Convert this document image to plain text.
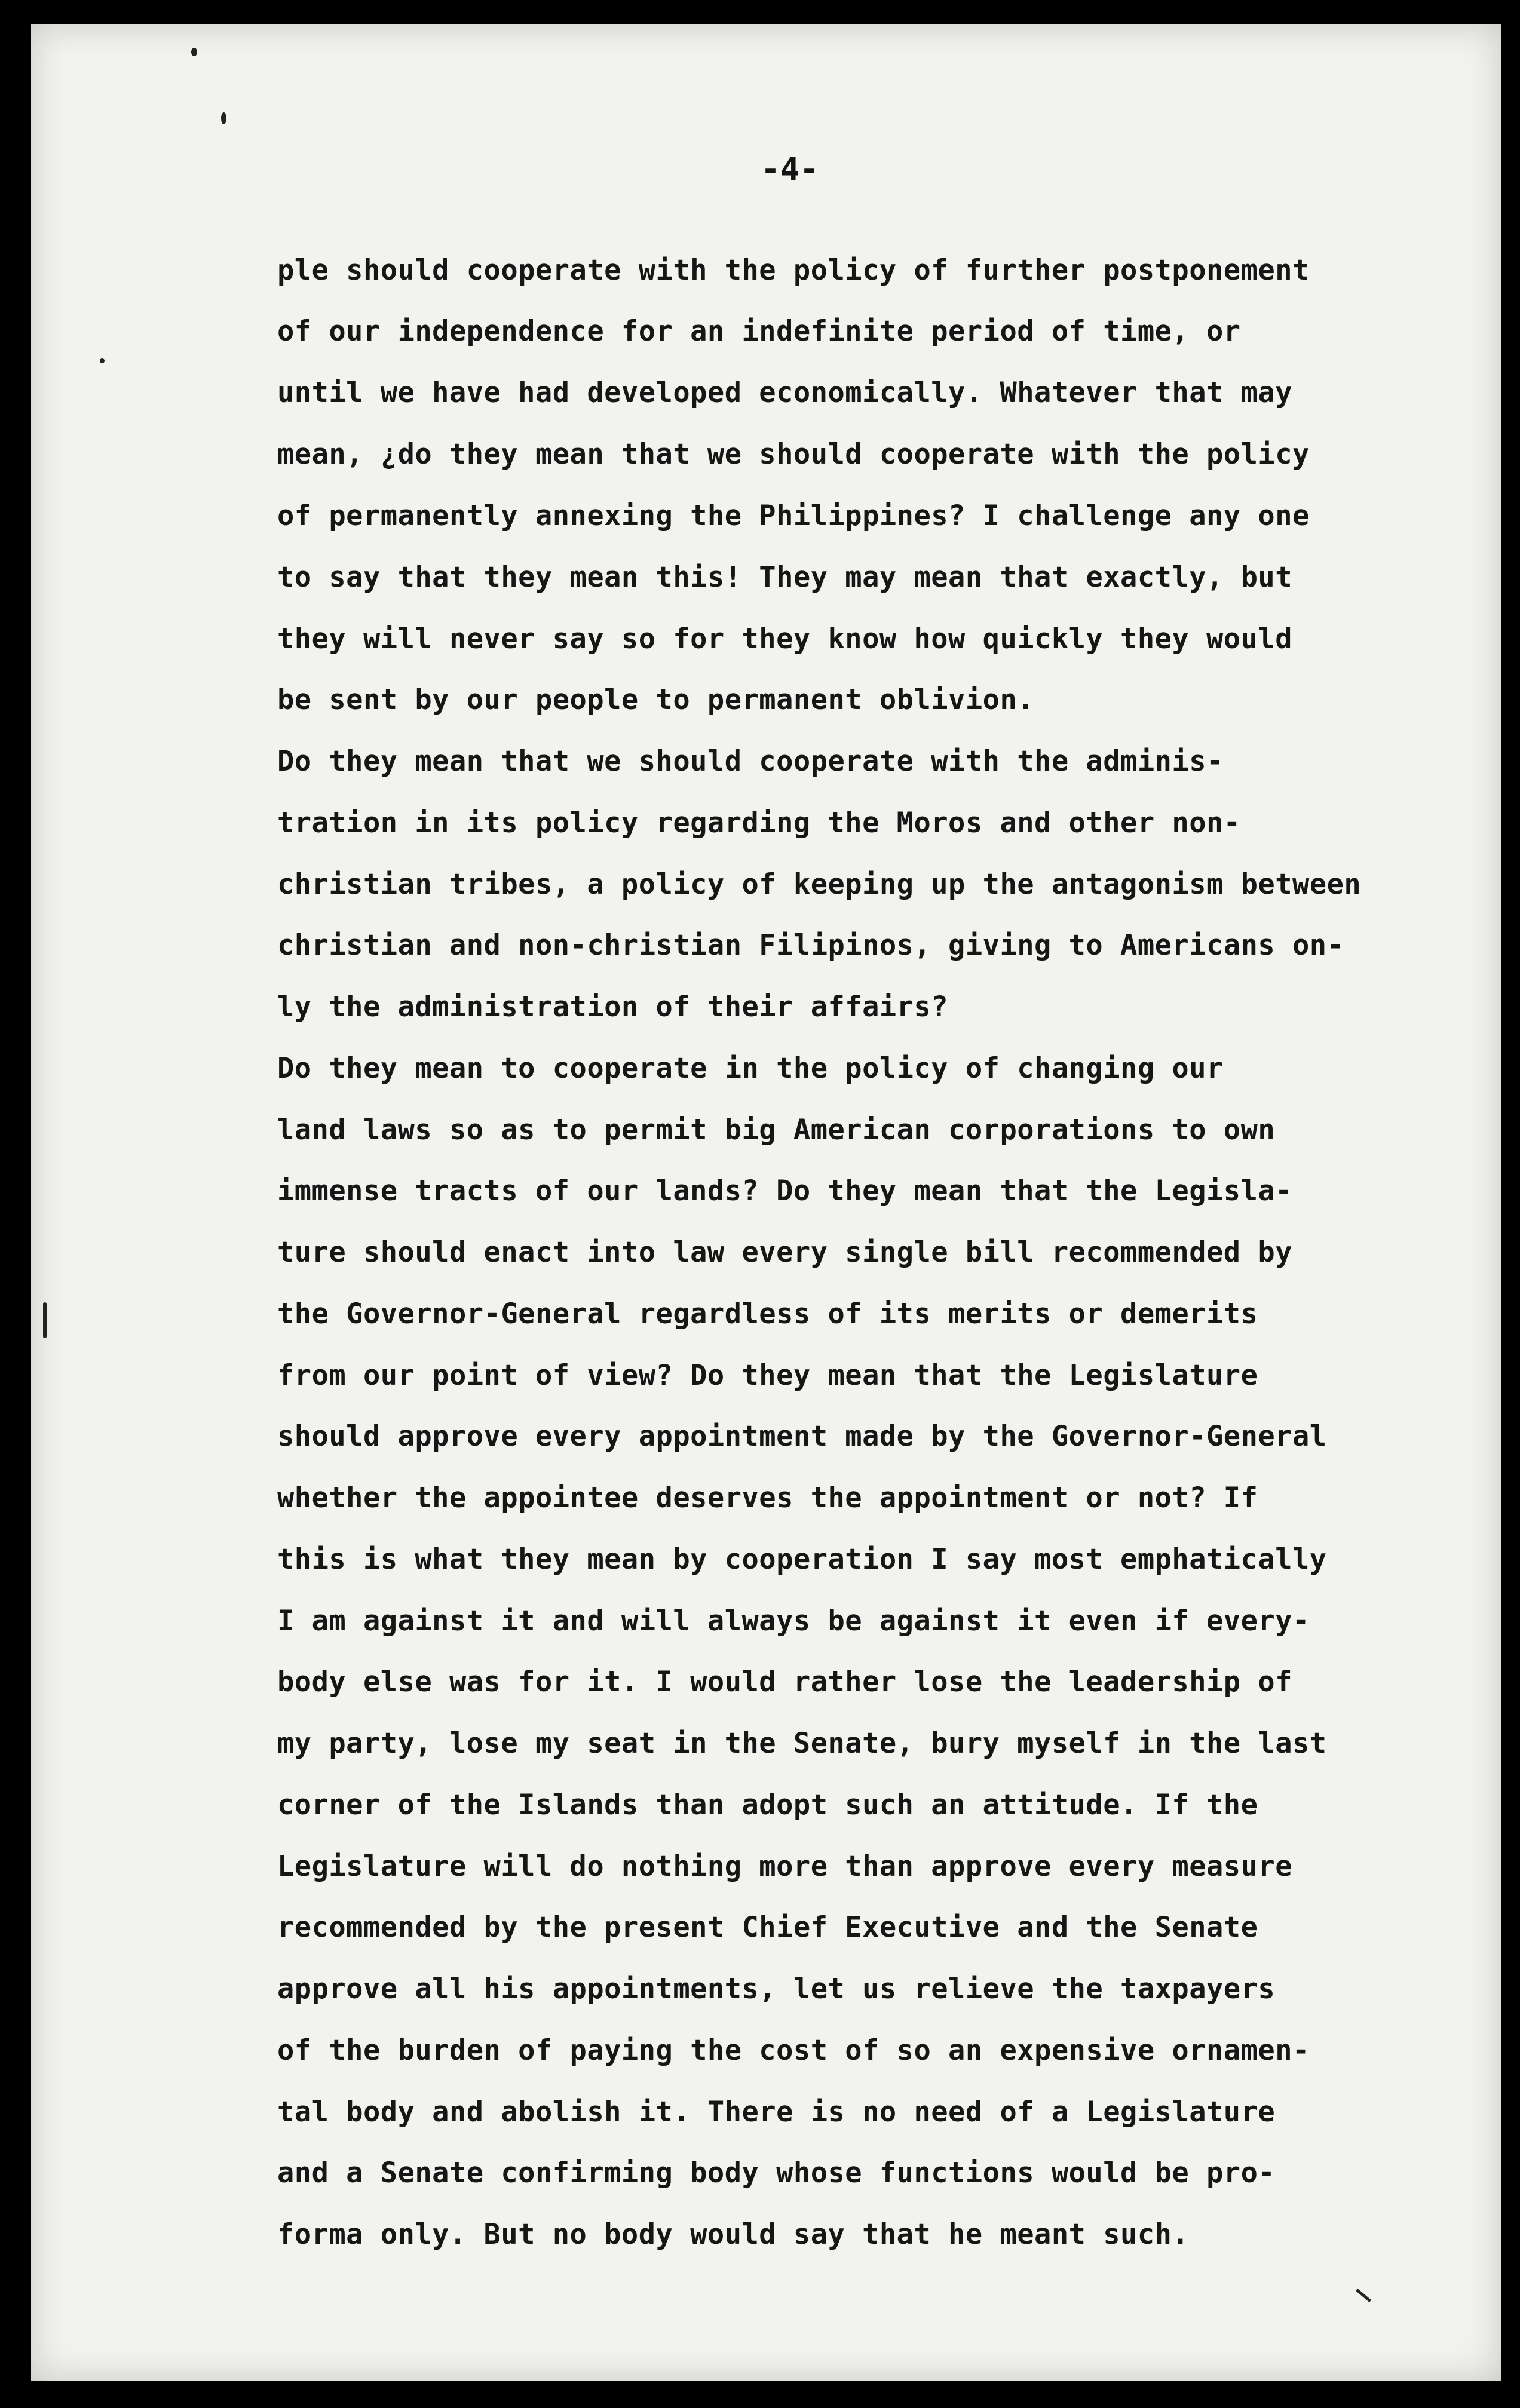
-4-
ple should cooperate with the policy of further postponement
of our independence for an indefinite period of time, or
until we have had developed economically. Whatever that may
mean, ¿do they mean that we should cooperate with the policy
of permanently annexing the Philippines? I challenge any one
to say that they mean this! They may mean that exactly, but
they will never say so for they know how quickly they would
be sent by our people to permanent oblivion.
Do they mean that we should cooperate with the adminis-
tration in its policy regarding the Moros and other non-
christian tribes, a policy of keeping up the antagonism between
christian and non-christian Filipinos, giving to Americans on-
ly the administration of their affairs?
Do they mean to cooperate in the policy of changing our
land laws so as to permit big American corporations to own
immense tracts of our lands? Do they mean that the Legisla-
ture should enact into law every single bill recommended by
the Governor-General regardless of its merits or demerits
from our point of view? Do they mean that the Legislature
should approve every appointment made by the Governor-General
whether the appointee deserves the appointment or not? If
this is what they mean by cooperation I say most emphatically
I am against it and will always be against it even if every-
body else was for it. I would rather lose the leadership of
my party, lose my seat in the Senate, bury myself in the last
corner of the Islands than adopt such an attitude. If the
Legislature will do nothing more than approve every measure
recommended by the present Chief Executive and the Senate
approve all his appointments, let us relieve the taxpayers
of the burden of paying the cost of so an expensive ornamen-
tal body and abolish it. There is no need of a Legislature
and a Senate confirming body whose functions would be pro-
forma only. But no body would say that he meant such.
